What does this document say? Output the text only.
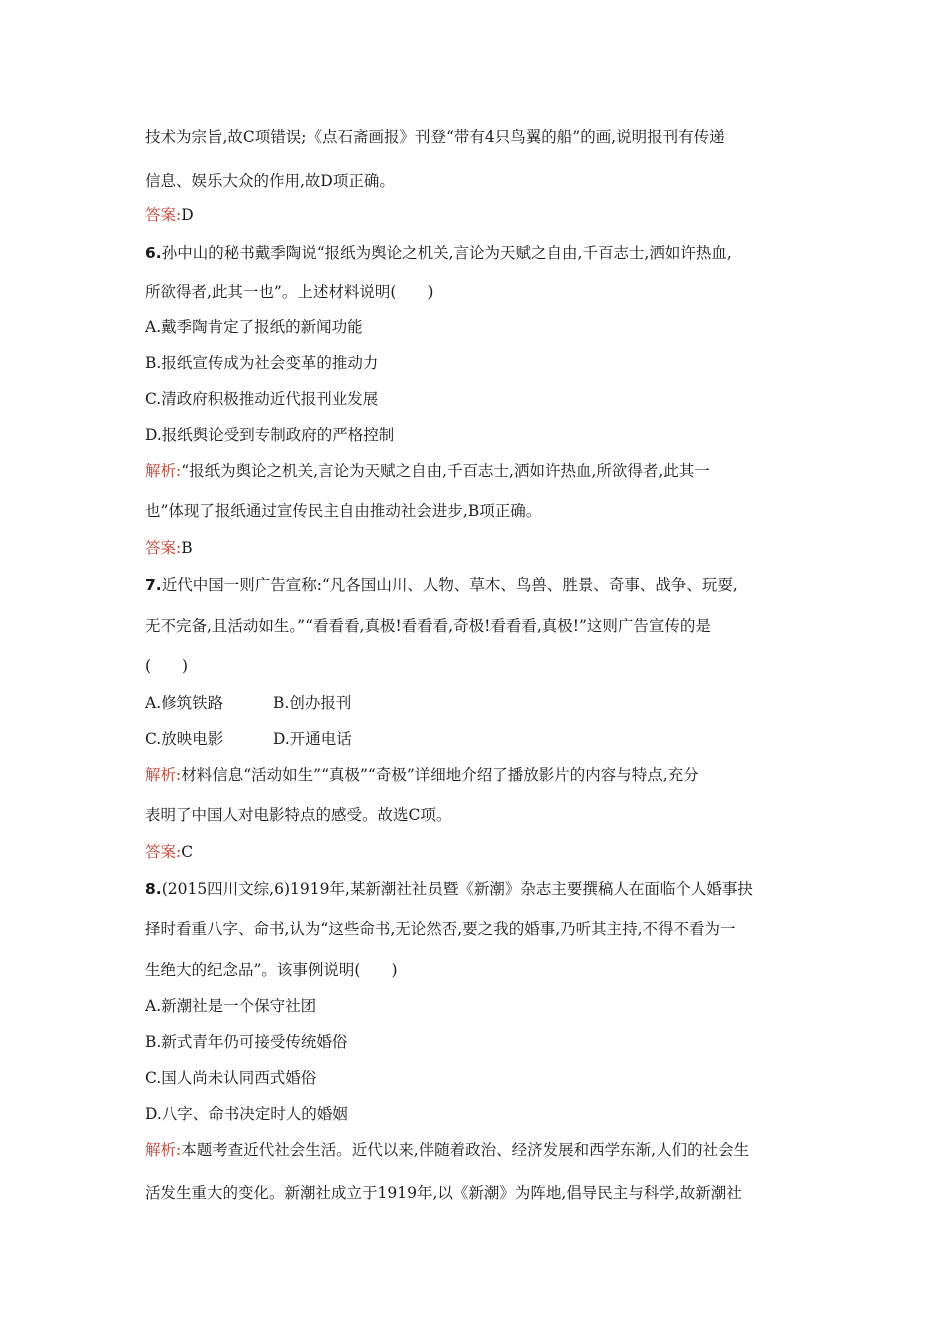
技术为宗旨,故C项错误;《点石斋画报》刊登“带有4只鸟翼的船”的画,说明报刊有传递
信息、娱乐大众的作用,故D项正确。
答案:D
6.孙中山的秘书戴季陶说“报纸为舆论之机关,言论为天赋之自由,千百志士,洒如许热血,
所欲得者,此其一也”。上述材料说明(　　)
A.戴季陶肯定了报纸的新闻功能
B.报纸宣传成为社会变革的推动力
C.清政府积极推动近代报刊业发展
D.报纸舆论受到专制政府的严格控制
解析:“报纸为舆论之机关,言论为天赋之自由,千百志士,洒如许热血,所欲得者,此其一
也”体现了报纸通过宣传民主自由推动社会进步,B项正确。
答案:B
7.近代中国一则广告宣称:“凡各国山川、人物、草木、鸟兽、胜景、奇事、战争、玩耍,
无不完备,且活动如生。”“看看看,真极!看看看,奇极!看看看,真极!”这则广告宣传的是
(　　)
A.修筑铁路	B.创办报刊
C.放映电影	D.开通电话
解析:材料信息“活动如生”“真极”“奇极”详细地介绍了播放影片的内容与特点,充分
表明了中国人对电影特点的感受。故选C项。
答案:C
8.(2015四川文综,6)1919年,某新潮社社员暨《新潮》杂志主要撰稿人在面临个人婚事抉
择时看重八字、命书,认为“这些命书,无论然否,要之我的婚事,乃听其主持,不得不看为一
生绝大的纪念品”。该事例说明(　　)
A.新潮社是一个保守社团
B.新式青年仍可接受传统婚俗
C.国人尚未认同西式婚俗
D.八字、命书决定时人的婚姻
解析:本题考查近代社会生活。近代以来,伴随着政治、经济发展和西学东渐,人们的社会生
活发生重大的变化。新潮社成立于1919年,以《新潮》为阵地,倡导民主与科学,故新潮社
